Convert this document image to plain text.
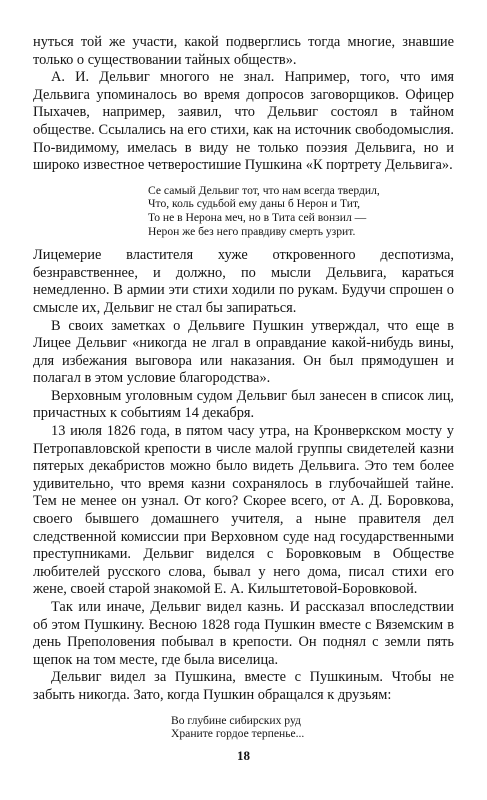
нуться той же участи, какой подверглись тогда многие, знавшие только о существовании тайных обществ».

А. И. Дельвиг многого не знал. Например, того, что имя Дельвига упоминалось во время допросов заговорщиков. Офицер Пыхачев, например, заявил, что Дельвиг состоял в тайном обществе. Ссылались на его стихи, как на источник свободомыслия. По-видимому, имелась в виду не только поэзия Дельвига, но и широко известное четверостишие Пушкина «К портрету Дельвига».

Се самый Дельвиг тот, что нам всегда твердил,
Что, коль судьбой ему даны б Нерон и Тит,
То не в Нерона меч, но в Тита сей вонзил —
Нерон же без него правдиву смерть узрит.

Лицемерие властителя хуже откровенного деспотизма, безнравственнее, и должно, по мысли Дельвига, караться немедленно. В армии эти стихи ходили по рукам. Будучи спрошен о смысле их, Дельвиг не стал бы запираться.

В своих заметках о Дельвиге Пушкин утверждал, что еще в Лицее Дельвиг «никогда не лгал в оправдание какой-нибудь вины, для избежания выговора или наказания. Он был прямодушен и полагал в этом условие благородства».

Верховным уголовным судом Дельвиг был занесен в список лиц, причастных к событиям 14 декабря.

13 июля 1826 года, в пятом часу утра, на Кронверкском мосту у Петропавловской крепости в числе малой группы свидетелей казни пятерых декабристов можно было видеть Дельвига. Это тем более удивительно, что время казни сохранялось в глубочайшей тайне. Тем не менее он узнал. От кого? Скорее всего, от А. Д. Боровкова, своего бывшего домашнего учителя, а ныне правителя дел следственной комиссии при Верховном суде над государственными преступниками. Дельвиг виделся с Боровковым в Обществе любителей русского слова, бывал у него дома, писал стихи его жене, своей старой знакомой Е. А. Кильштетовой-Боровковой.

Так или иначе, Дельвиг видел казнь. И рассказал впоследствии об этом Пушкину. Весною 1828 года Пушкин вместе с Вяземским в день Преполовения побывал в крепости. Он поднял с земли пять щепок на том месте, где была виселица.

Дельвиг видел за Пушкина, вместе с Пушкиным. Чтобы не забыть никогда. Зато, когда Пушкин обращался к друзьям:

Во глубине сибирских руд
Храните гордое терпенье...
18
